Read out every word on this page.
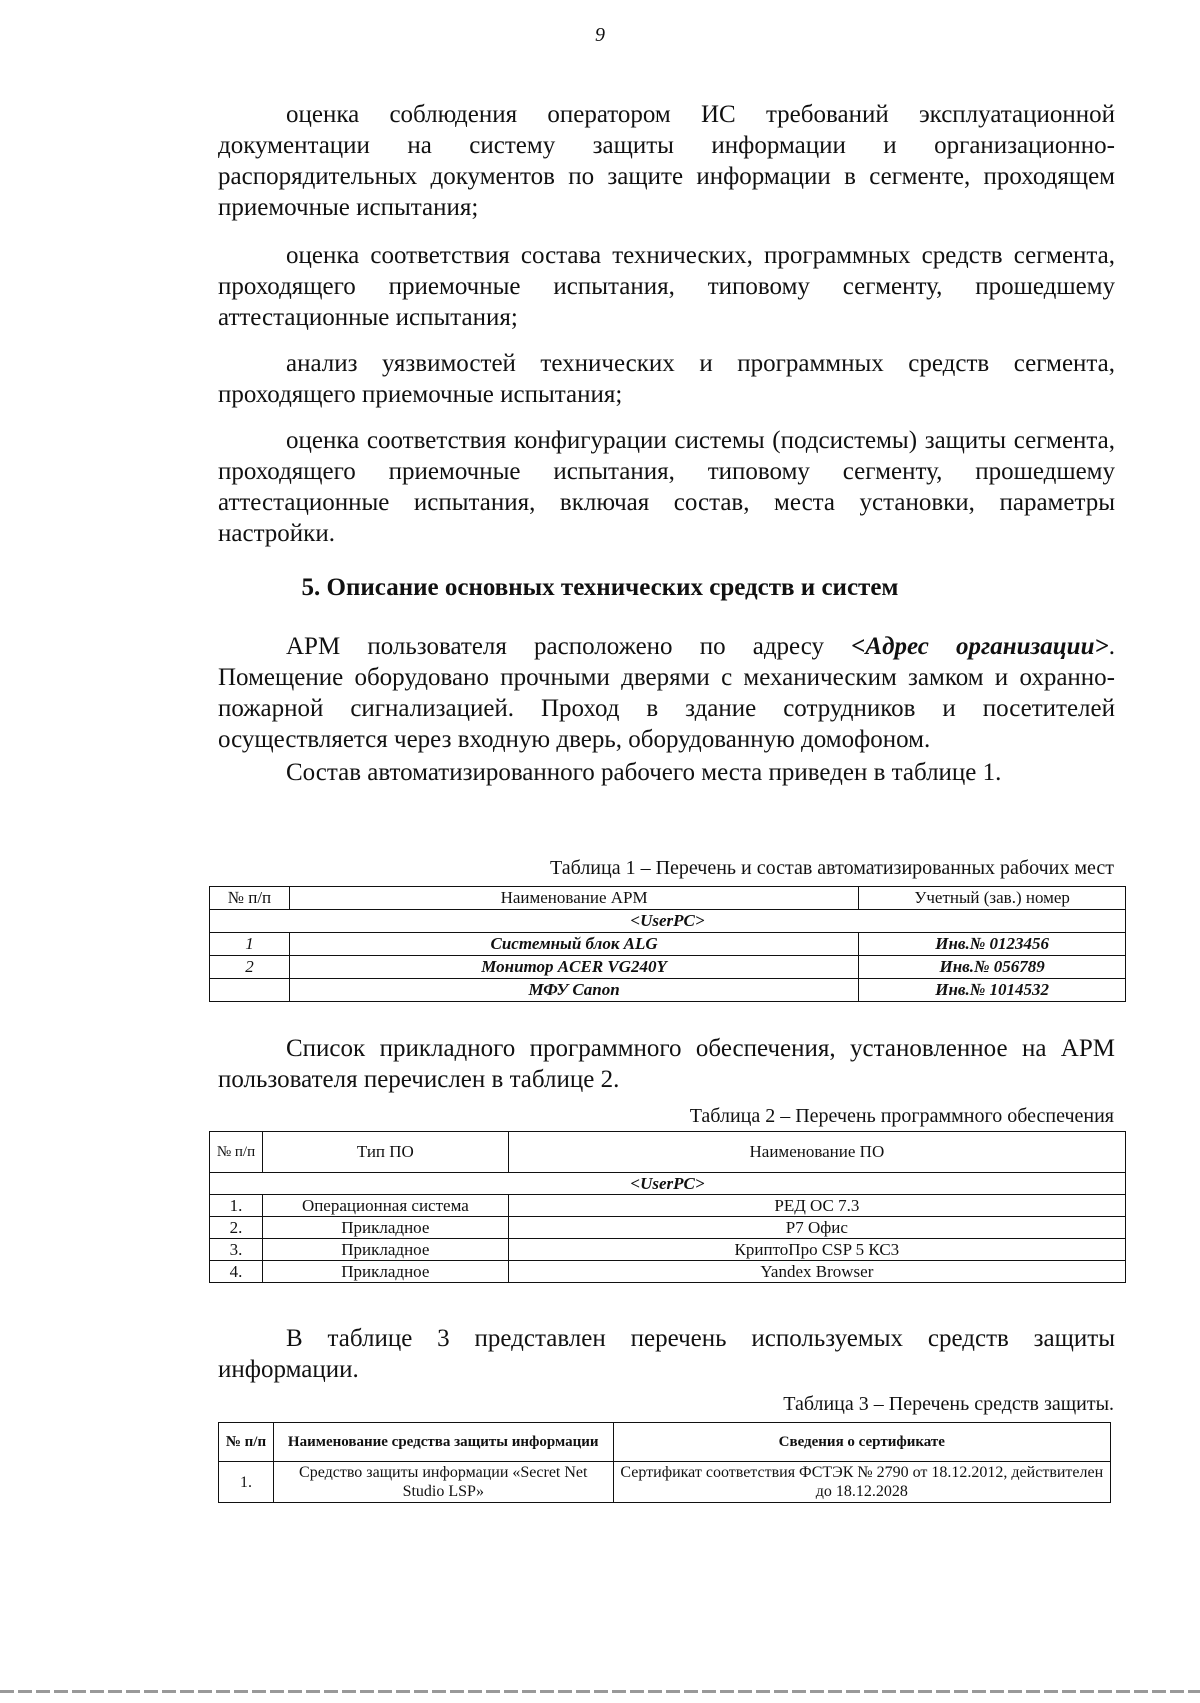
9

оценка соблюдения оператором ИС требований эксплуатационной документации на систему защиты информации и организационно-распорядительных документов по защите информации в сегменте, проходящем приемочные испытания;

оценка соответствия состава технических, программных средств сегмента, проходящего приемочные испытания, типовому сегменту, прошедшему аттестационные испытания;

анализ уязвимостей технических и программных средств сегмента, проходящего приемочные испытания;

оценка соответствия конфигурации системы (подсистемы) защиты сегмента, проходящего приемочные испытания, типовому сегменту, прошедшему аттестационные испытания, включая состав, места установки, параметры настройки.

5. Описание основных технических средств и систем

АРМ пользователя расположено по адресу <Адрес организации>. Помещение оборудовано прочными дверями с механическим замком и охранно-пожарной сигнализацией. Проход в здание сотрудников и посетителей осуществляется через входную дверь, оборудованную домофоном.

Состав автоматизированного рабочего места приведен в таблице 1.

Таблица 1 – Перечень и состав автоматизированных рабочих мест

№ п/п	Наименование АРМ	Учетный (зав.) номер
<UserPC>		
1	Системный блок ALG	Инв.№ 0123456
2	Монитор ACER VG240Y	Инв.№ 056789
	МФУ Canon	Инв.№ 1014532

Список прикладного программного обеспечения, установленное на АРМ пользователя перечислен в таблице 2.

Таблица 2 – Перечень программного обеспечения

№ п/п	Тип ПО	Наименование ПО
<UserPC>		
1.	Операционная система	РЕД ОС 7.3
2.	Прикладное	Р7 Офис
3.	Прикладное	КриптоПро CSP 5 КС3
4.	Прикладное	Yandex Browser

В таблице 3 представлен перечень используемых средств защиты информации.

Таблица 3 – Перечень средств защиты.

№ п/п	Наименование средства защиты информации	Сведения о сертификате
1.	Средство защиты информации «Secret Net Studio LSP»	Сертификат соответствия ФСТЭК № 2790 от 18.12.2012, действителен до 18.12.2028
